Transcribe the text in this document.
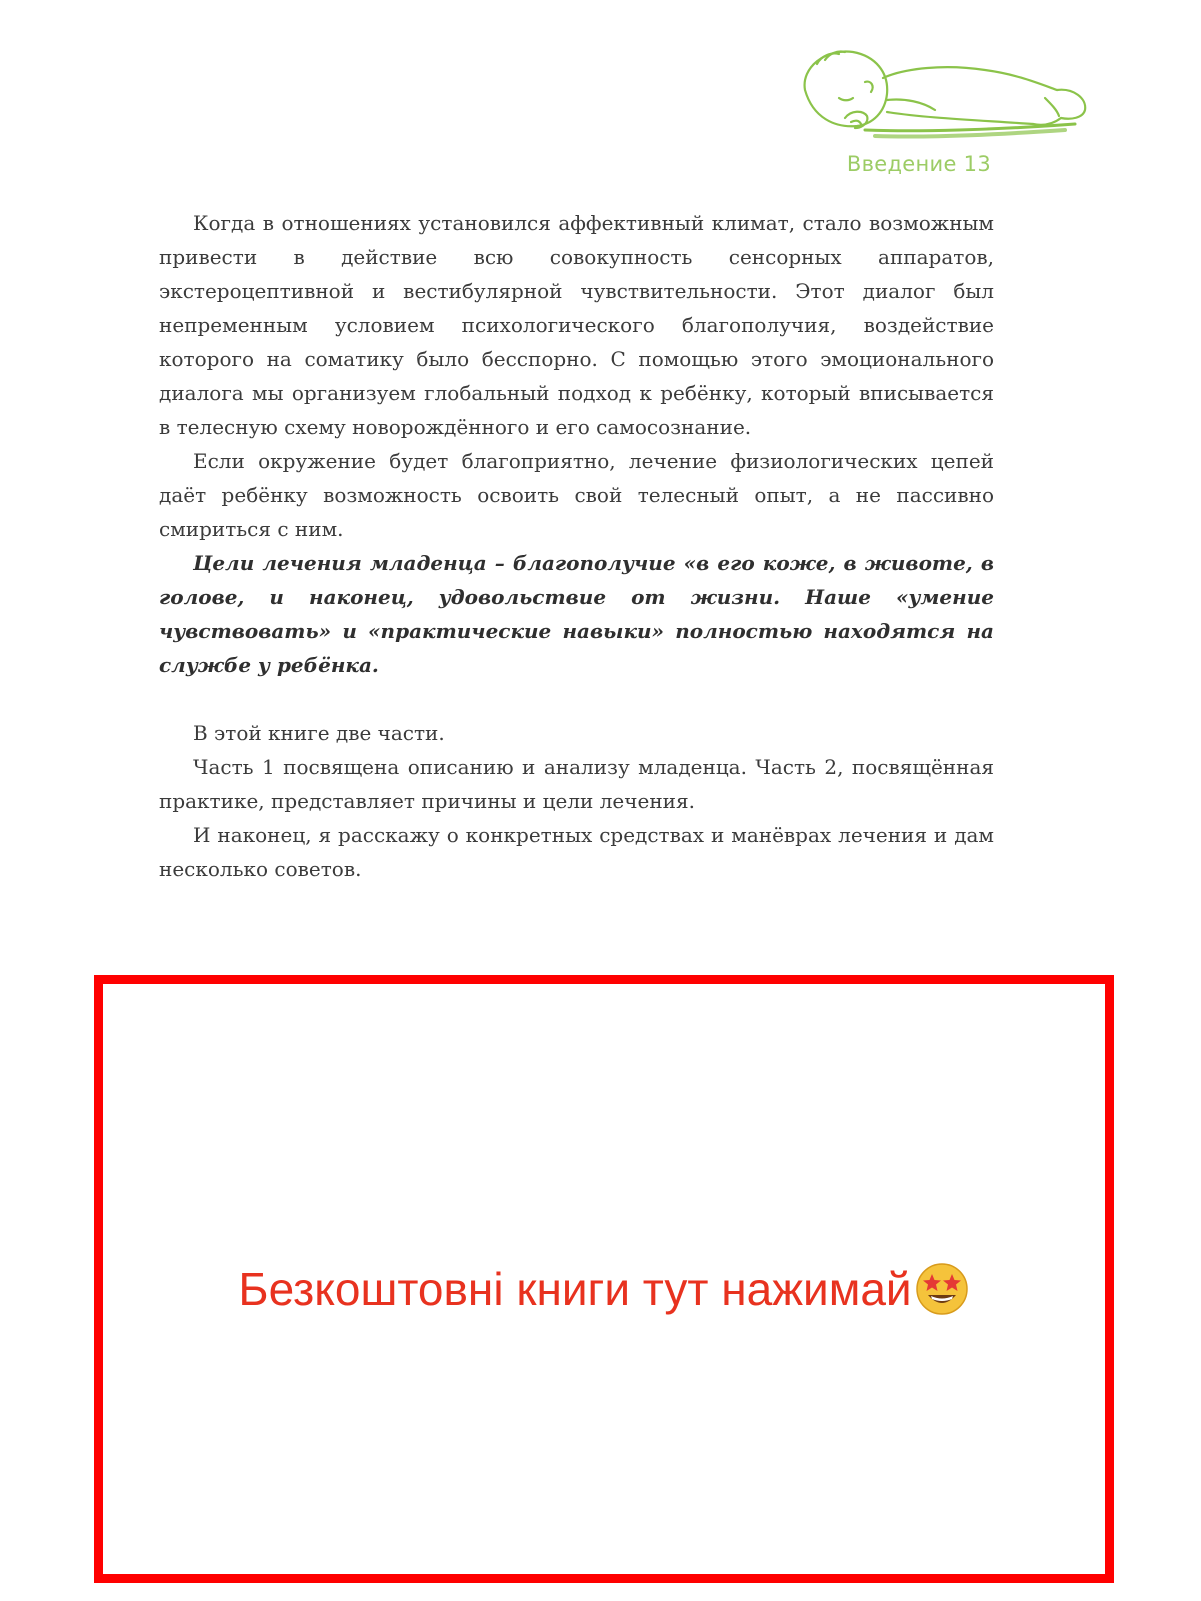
Введение 13

Когда в отношениях установился аффективный климат, стало возможным привести в действие всю совокупность сенсорных аппаратов, экстероцептивной и вестибулярной чувствительности. Этот диалог был непременным условием психологического благополучия, воздействие которого на соматику было бесспорно. С помощью этого эмоционального диалога мы организуем глобальный подход к ребёнку, который вписывается в телесную схему новорождённого и его самосознание.

Если окружение будет благоприятно, лечение физиологических цепей даёт ребёнку возможность освоить свой телесный опыт, а не пассивно смириться с ним.

Цели лечения младенца – благополучие «в его коже, в животе, в голове, и наконец, удовольствие от жизни. Наше «умение чувствовать» и «практические навыки» полностью находятся на службе у ребёнка.

В этой книге две части.

Часть 1 посвящена описанию и анализу младенца. Часть 2, посвящённая практике, представляет причины и цели лечения.

И наконец, я расскажу о конкретных средствах и манёврах лечения и дам несколько советов.

Безкоштовні книги тут нажимай
